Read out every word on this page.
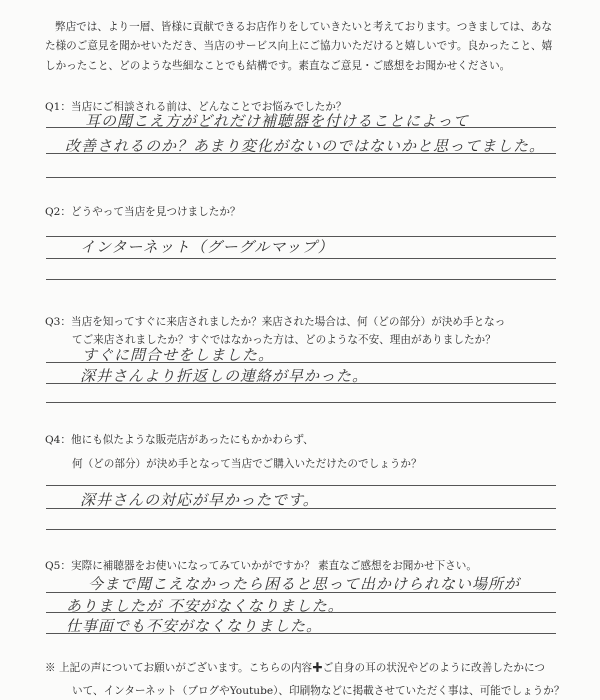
弊店では、より一層、皆様に貢献できるお店作りをしていきたいと考えております。つきましては、あな
た様のご意見を聞かせいただき、当店のサービス向上にご協力いただけると嬉しいです。良かったこと、嬉
しかったこと、どのような些細なことでも結構です。素直なご意見・ご感想をお聞かせください。
Q1：当店にご相談される前は、どんなことでお悩みでしたか？
耳の聞こえ方がどれだけ補聴器を付けることによって
改善されるのか？あまり変化がないのではないかと思ってました。
Q2：どうやって当店を見つけましたか？
インターネット（グーグルマップ）
Q3：当店を知ってすぐに来店されましたか？来店された場合は、何（どの部分）が決め手となっ
てご来店されましたか？すぐではなかった方は、どのような不安、理由がありましたか？
すぐに問合せをしました。
深井さんより折返しの連絡が早かった。
Q4：他にも似たような販売店があったにもかかわらず、
何（どの部分）が決め手となって当店でご購入いただけたのでしょうか？
深井さんの対応が早かったです。
Q5：実際に補聴器をお使いになってみていかがですか？ 素直なご感想をお聞かせ下さい。
今まで聞こえなかったら困ると思って出かけられない場所が
ありましたが 不安がなくなりました。
仕事面でも不安がなくなりました。
※ 上記の声についてお願いがございます。こちらの内容✚ご自身の耳の状況やどのように改善したかにつ
いて、インターネット（ブログやYoutube）、印刷物などに掲載させていただく事は、可能でしょうか？
